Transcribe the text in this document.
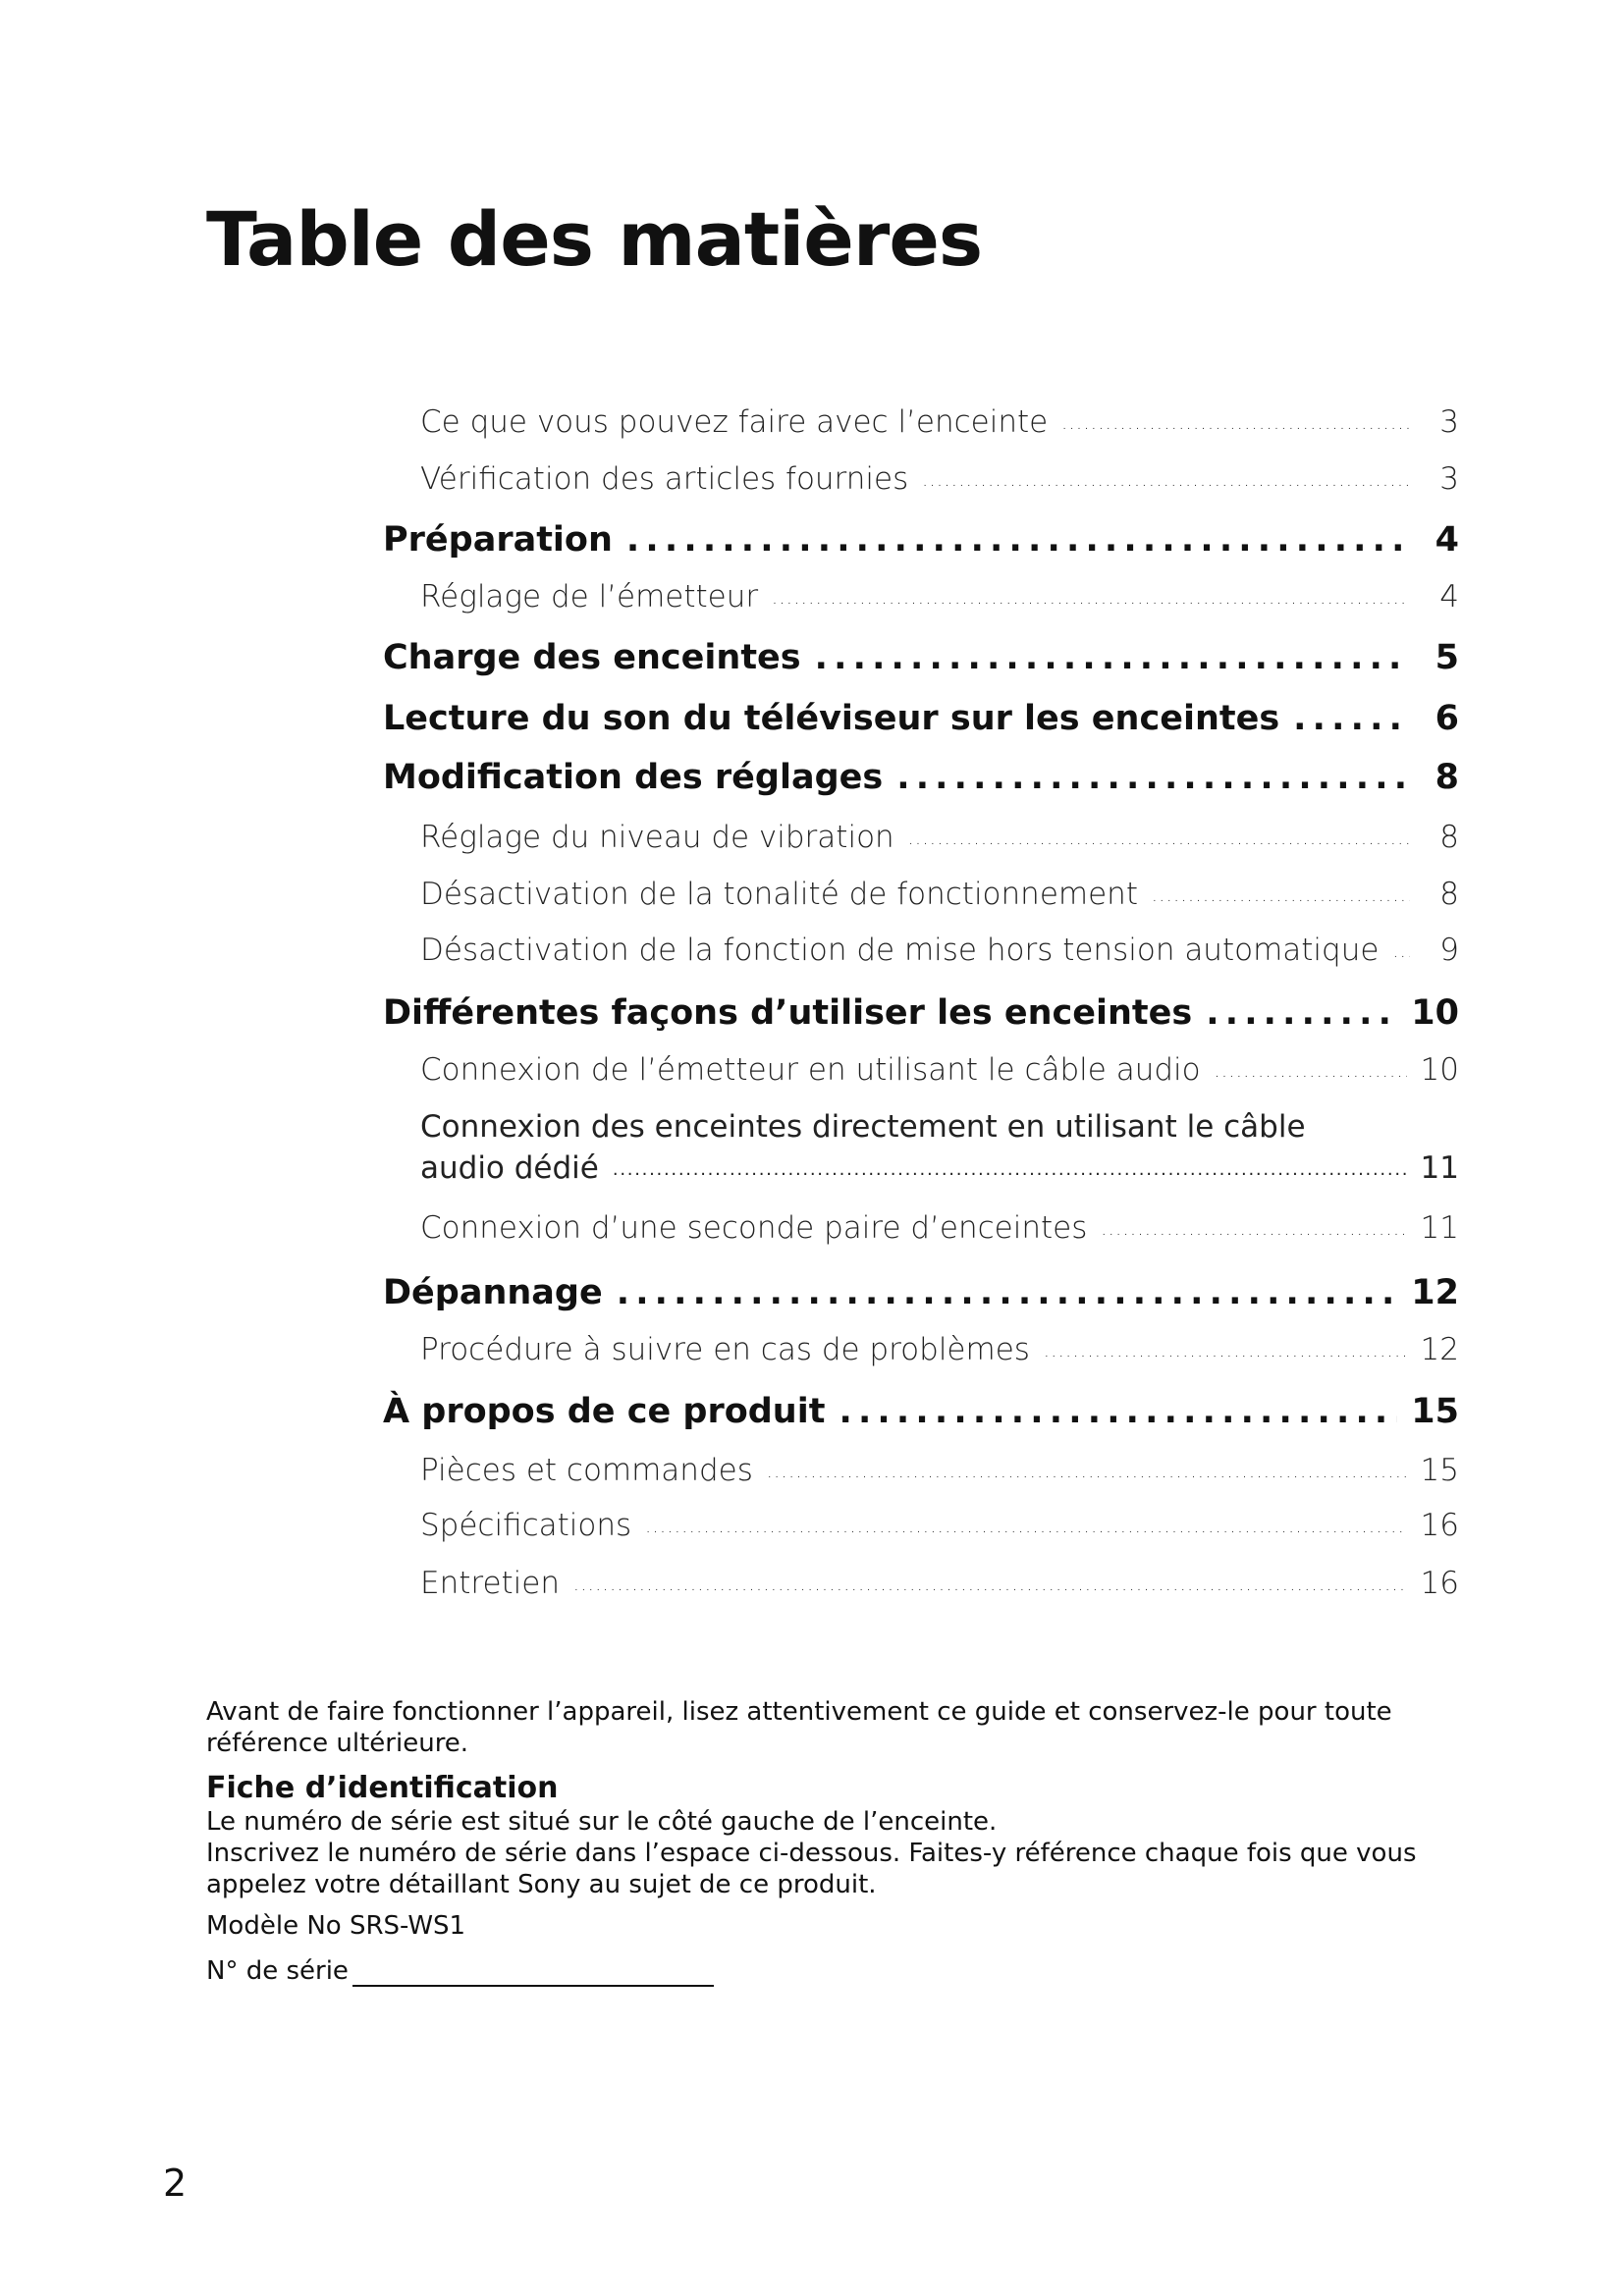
Table des matières
Ce que vous pouvez faire avec l’enceinte . . .	3
Vérification des articles fournies . . .	3
Préparation . . .	4
Réglage de l’émetteur . . .	4
Charge des enceintes . . .	5
Lecture du son du téléviseur sur les enceintes . . .	6
Modification des réglages . . .	8
Réglage du niveau de vibration . . .	8
Désactivation de la tonalité de fonctionnement . . .	8
Désactivation de la fonction de mise hors tension automatique . . .	9
Différentes façons d’utiliser les enceintes . . .	10
Connexion de l’émetteur en utilisant le câble audio . . .	10
Connexion des enceintes directement en utilisant le câble
audio dédié . . .	11
Connexion d’une seconde paire d’enceintes . . .	11
Dépannage . . .	12
Procédure à suivre en cas de problèmes . . .	12
À propos de ce produit . . .	15
Pièces et commandes . . .	15
Spécifications . . .	16
Entretien . . .	16

Avant de faire fonctionner l’appareil, lisez attentivement ce guide et conservez-le pour toute référence ultérieure.

Fiche d’identification

Le numéro de série est situé sur le côté gauche de l’enceinte.

Inscrivez le numéro de série dans l’espace ci-dessous. Faites-y référence chaque fois que vous appelez votre détaillant Sony au sujet de ce produit.

Modèle No SRS-WS1

N° de série
2
